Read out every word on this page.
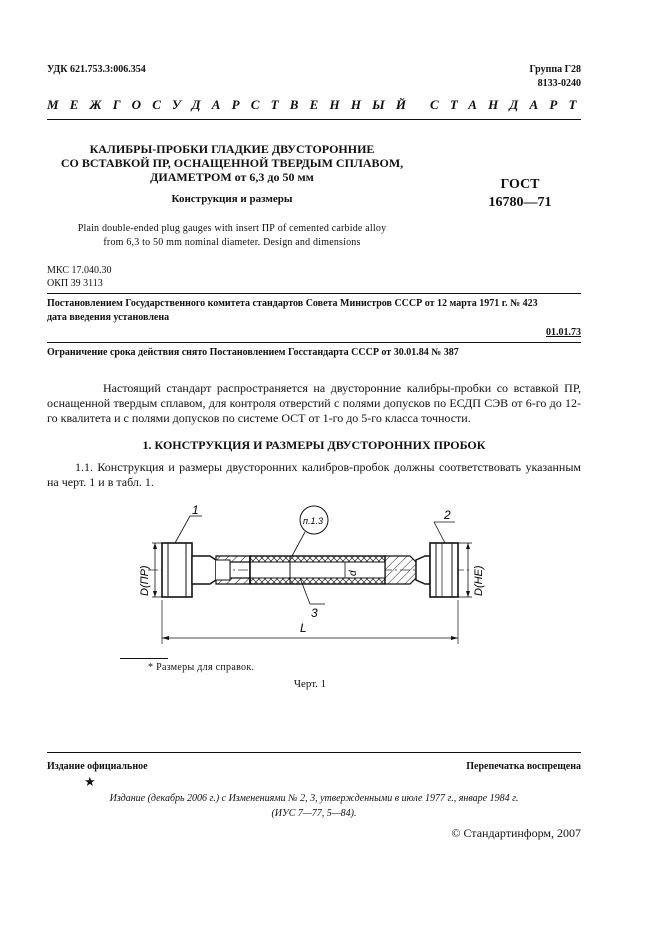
УДК 621.753.3:006.354	Группа Г28
8133-0240
МЕЖГОСУДАРСТВЕННЫЙ СТАНДАРТ
КАЛИБРЫ-ПРОБКИ ГЛАДКИЕ ДВУСТОРОННИЕ
СО ВСТАВКОЙ ПР, ОСНАЩЕННОЙ ТВЕРДЫМ СПЛАВОМ,
ДИАМЕТРОМ от 6,3 до 50 мм
Конструкция и размеры
Plain double-ended plug gauges with insert ПР of cemented carbide alloy
from 6,3 to 50 mm nominal diameter. Design and dimensions
ГОСТ
16780—71
МКС 17.040.30
ОКП 39 3113
Постановлением Государственного комитета стандартов Совета Министров СССР от 12 марта 1971 г. № 423
дата введения установлена
01.01.73
Ограничение срока действия снято Постановлением Госстандарта СССР от 30.01.84 № 387
Настоящий стандарт распространяется на двусторонние калибры-пробки со вставкой ПР, оснащенной твердым сплавом, для контроля отверстий с полями допусков по ЕСДП СЭВ от 6-го до 12-го квалитета и с полями допусков по системе ОСТ от 1-го до 5-го класса точности.
1. КОНСТРУКЦИЯ И РАЗМЕРЫ ДВУСТОРОННИХ ПРОБОК
1.1. Конструкция и размеры двусторонних калибров-пробок должны соответствовать указанным на черт. 1 и в табл. 1.
D(ПР)	D(НЕ)
d
L
1	2
3
п.1.3
* Размеры для справок.
Черт. 1
Издание официальное	Перепечатка воспрещена
★
Издание (декабрь 2006 г.) с Изменениями № 2, 3, утвержденными в июле 1977 г., январе 1984 г.
(ИУС 7—77, 5—84).
© Стандартинформ, 2007
